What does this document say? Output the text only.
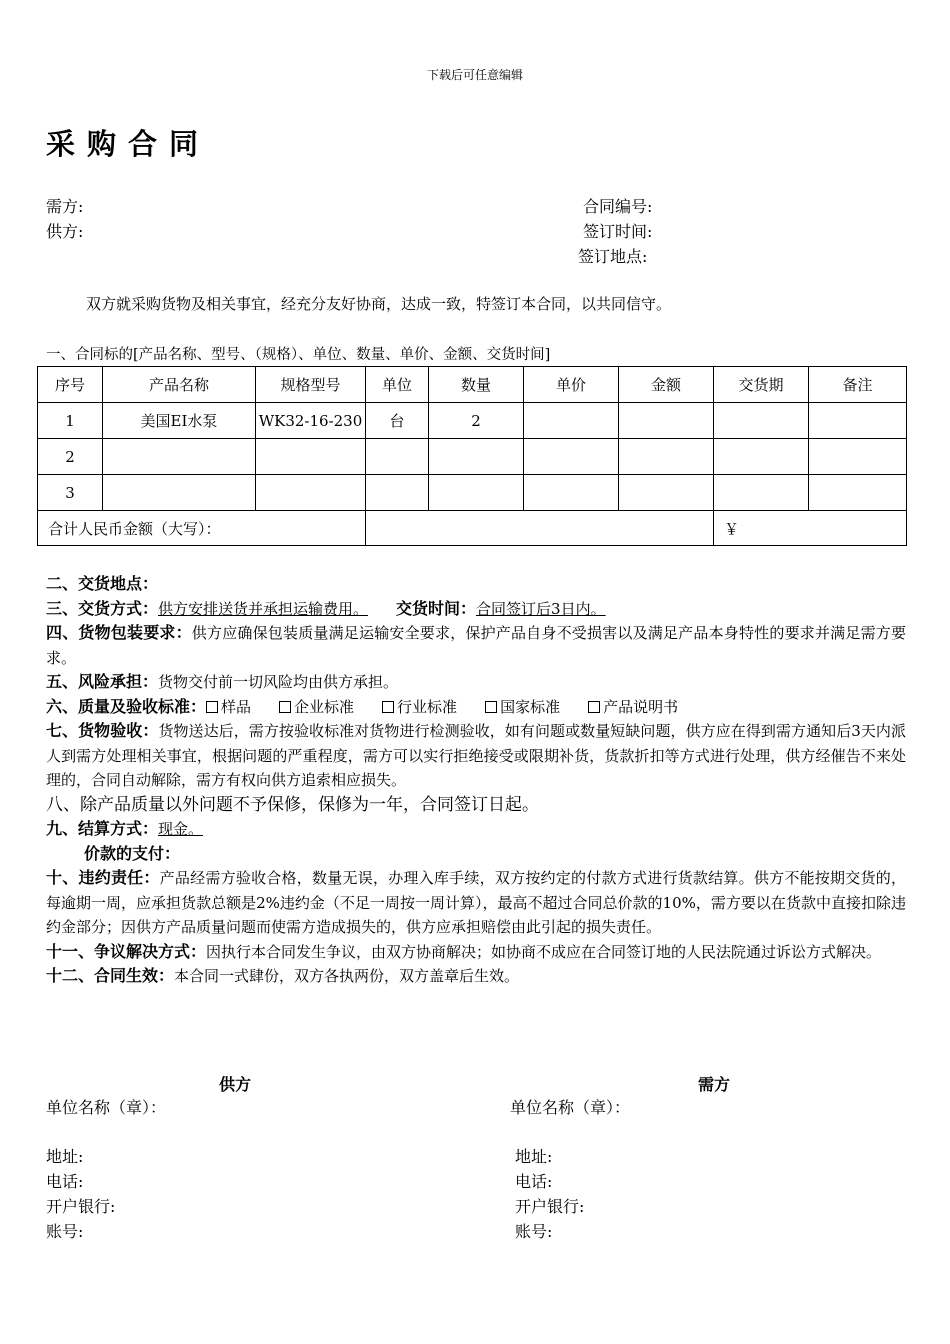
下载后可任意编辑
采购合同
需方:
供方:
合同编号:
签订时间:
签订地点:
双方就采购货物及相关事宜，经充分友好协商，达成一致，特签订本合同，以共同信守。
一、合同标的[产品名称、型号、（规格）、单位、数量、单价、金额、交货时间]
序号	产品名称	规格型号	单位	数量	单价	金额	交货期	备注
1	美国EI水泵	WK32-16-230	台	2				
2								
3								
合计人民币金额（大写）：							￥	

二、交货地点：

三、交货方式：供方安排送货并承担运输费用。 交货时间：合同签订后3日内。

四、货物包装要求：供方应确保包装质量满足运输安全要求，保护产品自身不受损害以及满足产品本身特性的要求并满足需方要求。

五、风险承担：货物交付前一切风险均由供方承担。

六、质量及验收标准： 样品	企业标准	行业标准	国家标准	产品说明书

七、货物验收：货物送达后，需方按验收标准对货物进行检测验收，如有问题或数量短缺问题，供方应在得到需方通知后3天内派人到需方处理相关事宜，根据问题的严重程度，需方可以实行拒绝接受或限期补货，货款折扣等方式进行处理，供方经催告不来处理的，合同自动解除，需方有权向供方追索相应损失。

八、除产品质量以外问题不予保修，保修为一年，合同签订日起。

九、结算方式：现金。

价款的支付：

十、违约责任：产品经需方验收合格，数量无误，办理入库手续，双方按约定的付款方式进行货款结算。供方不能按期交货的，每逾期一周，应承担货款总额是2%违约金（不足一周按一周计算），最高不超过合同总价款的10%，需方要以在货款中直接扣除违约金部分；因供方产品质量问题而使需方造成损失的，供方应承担赔偿由此引起的损失责任。

十一、争议解决方式：因执行本合同发生争议，由双方协商解决；如协商不成应在合同签订地的人民法院通过诉讼方式解决。

十二、合同生效：本合同一式肆份，双方各执两份，双方盖章后生效。

供方	需方
单位名称（章）：	单位名称（章）：
地址:
电话:
开户银行:
账号:
地址:
电话:
开户银行:
账号:
